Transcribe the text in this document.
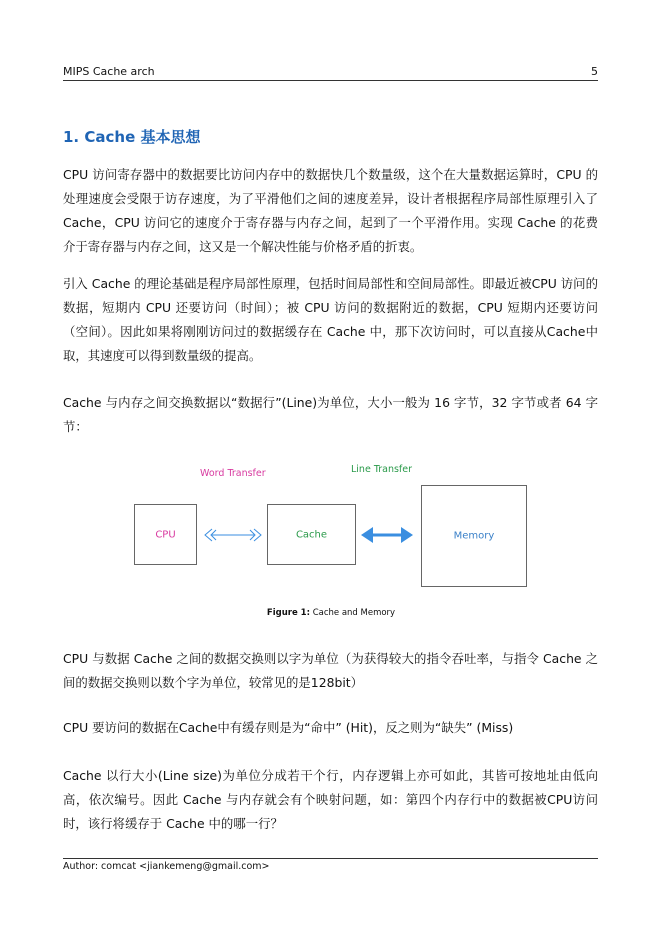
MIPS Cache arch	5
1. Cache 基本思想

CPU 访问寄存器中的数据要比访问内存中的数据快几个数量级，这个在大量数据运算时，CPU 的处理速度会受限于访存速度，为了平滑他们之间的速度差异，设计者根据程序局部性原理引入了Cache，CPU 访问它的速度介于寄存器与内存之间，起到了一个平滑作用。实现 Cache 的花费介于寄存器与内存之间，这又是一个解决性能与价格矛盾的折衷。

引入 Cache 的理论基础是程序局部性原理，包括时间局部性和空间局部性。即最近被CPU 访问的数据，短期内 CPU 还要访问（时间）；被 CPU 访问的数据附近的数据，CPU 短期内还要访问（空间）。因此如果将刚刚访问过的数据缓存在 Cache 中，那下次访问时，可以直接从Cache中取，其速度可以得到数量级的提高。

Cache 与内存之间交换数据以“数据行”(Line)为单位，大小一般为 16 字节，32 字节或者 64 字节：

Word Transfer	Line Transfer
CPU	Cache	Memory
Figure 1: Cache and Memory

CPU 与数据 Cache 之间的数据交换则以字为单位（为获得较大的指令吞吐率，与指令 Cache 之间的数据交换则以数个字为单位，较常见的是128bit）

CPU 要访问的数据在Cache中有缓存则是为“命中” (Hit)，反之则为“缺失” (Miss)

Cache 以行大小(Line size)为单位分成若干个行，内存逻辑上亦可如此，其皆可按地址由低向高，依次编号。因此 Cache 与内存就会有个映射问题，如：第四个内存行中的数据被CPU访问时，该行将缓存于 Cache 中的哪一行？

Author: comcat <jiankemeng@gmail.com>
